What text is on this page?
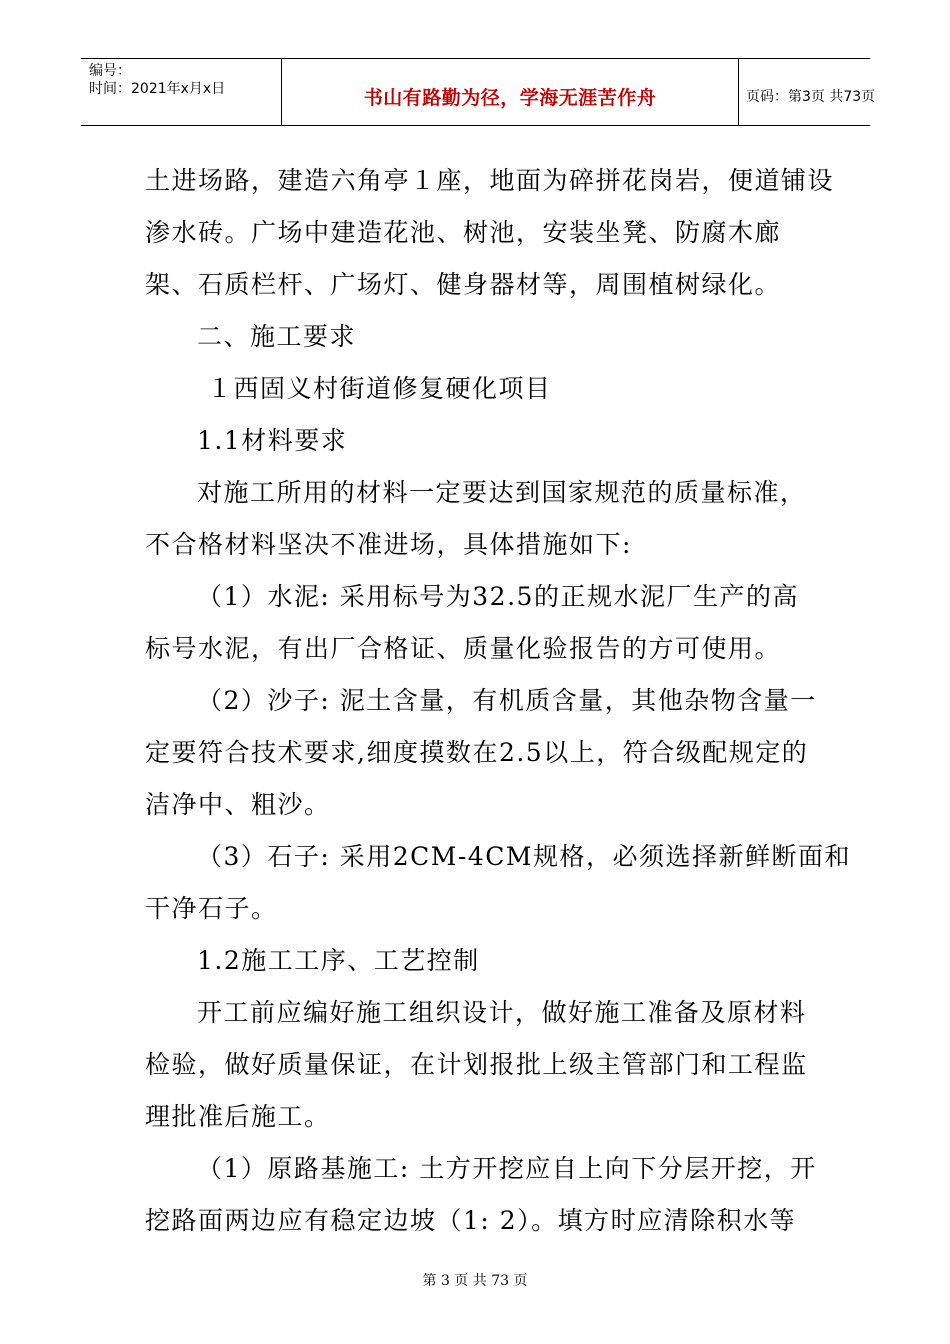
编号：
时间：2021年x月x日	书山有路勤为径，学海无涯苦作舟	页码：第3页 共73页
土进场路，建造六角亭１座，地面为碎拼花岗岩，便道铺设
渗水砖。广场中建造花池、树池，安装坐凳、防腐木廊
架、石质栏杆、广场灯、健身器材等，周围植树绿化。
二、施工要求
１西固义村街道修复硬化项目
1.1材料要求
对施工所用的材料一定要达到国家规范的质量标准，
不合格材料坚决不准进场，具体措施如下:
（1）水泥: 采用标号为32.5的正规水泥厂生产的高
标号水泥，有出厂合格证、质量化验报告的方可使用。
（2）沙子: 泥土含量，有机质含量，其他杂物含量一
定要符合技术要求,细度摸数在2.5以上，符合级配规定的
洁净中、粗沙。
（3）石子: 采用2CM-4CM规格，必须选择新鲜断面和
干净石子。
1.2施工工序、工艺控制
开工前应编好施工组织设计，做好施工准备及原材料
检验，做好质量保证，在计划报批上级主管部门和工程监
理批准后施工。
（1）原路基施工: 土方开挖应自上向下分层开挖，开
挖路面两边应有稳定边坡（1: 2）。填方时应清除积水等
第 3 页 共 73 页
